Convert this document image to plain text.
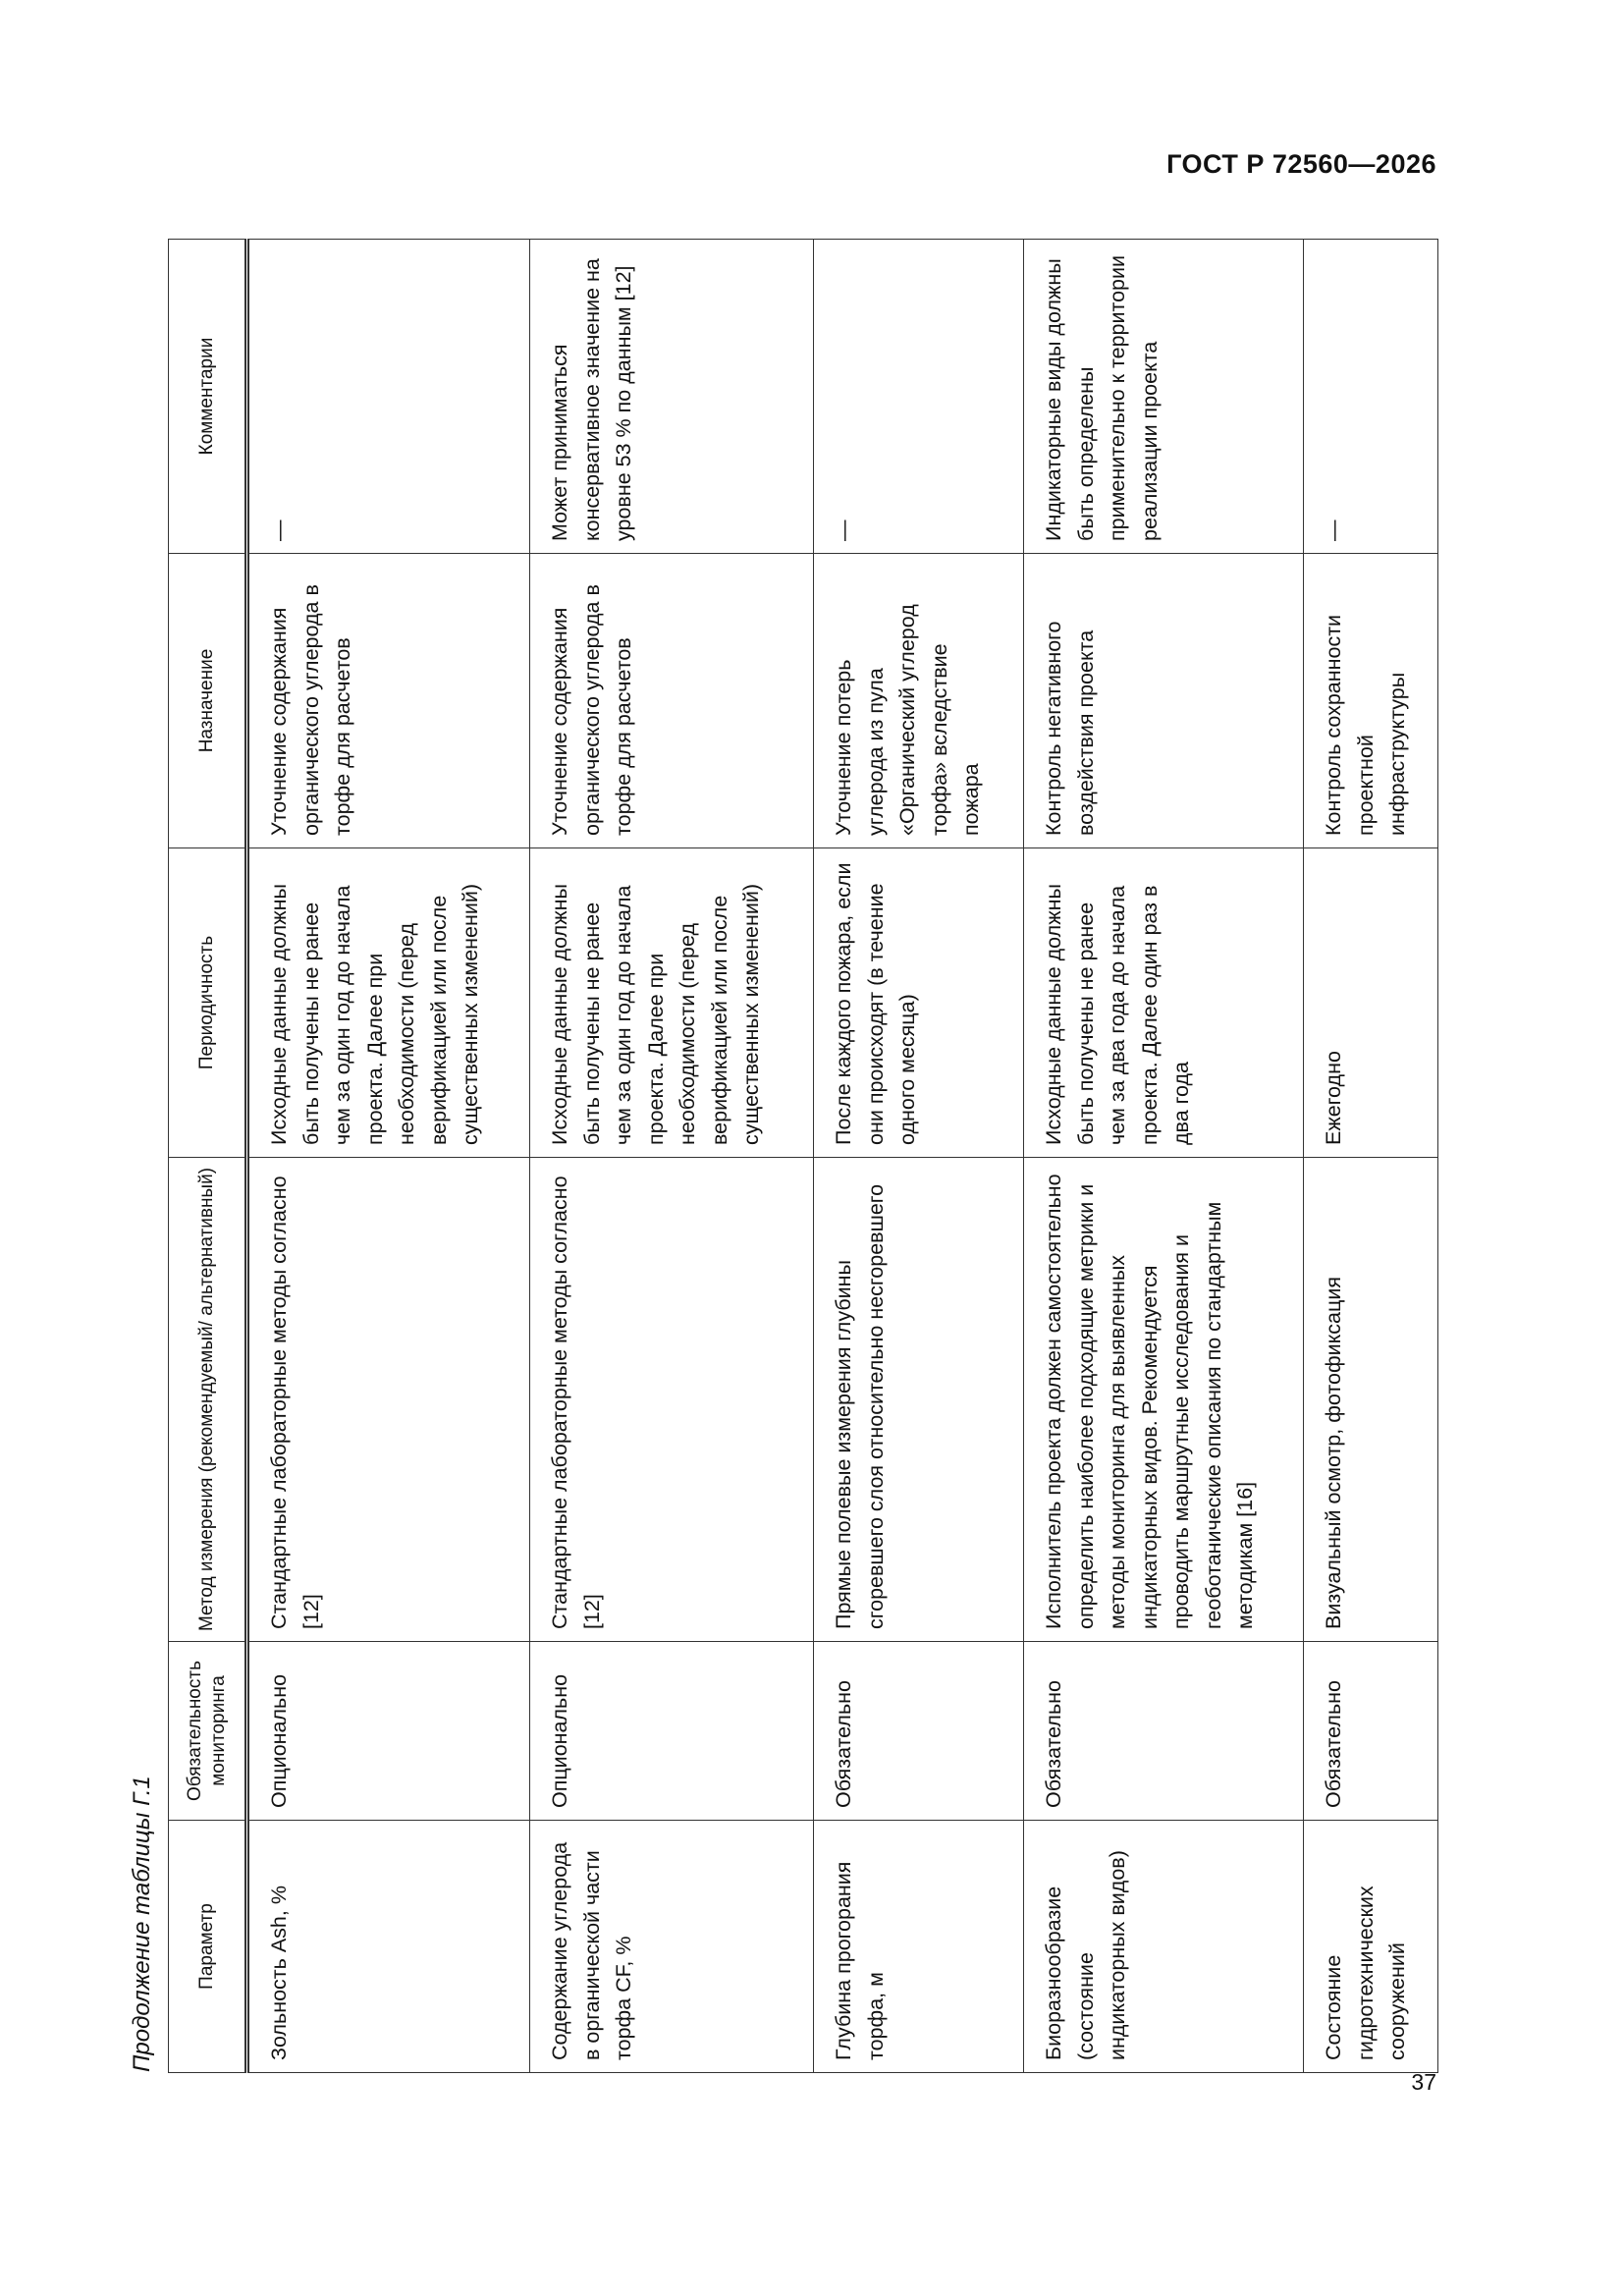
ГОСТ Р 72560—2026
Продолжение таблицы Г.1	Параметр	Обязательность мониторинга	Метод измерения (рекомендуемый/ альтернативный)	Периодичность	Назначение	Комментарии
Зольность Ash, %	Опционально	Стандартные лабораторные методы согласно [12]	Исходные данные должны быть получены не ранее чем за один год до начала проекта. Далее при необходимости (перед верификацией или после существенных изменений)	Уточнение содержания органического углерода в торфе для расчетов	—
Содержание углерода в органической части торфа CF, %	Опционально	Стандартные лабораторные методы согласно [12]	Исходные данные должны быть получены не ранее чем за один год до начала проекта. Далее при необходимости (перед верификацией или после существенных изменений)	Уточнение содержания органического углерода в торфе для расчетов	Может приниматься консервативное значение на уровне 53 % по данным [12]
Глубина прогорания торфа, м	Обязательно	Прямые полевые измерения глубины сгоревшего слоя относительно несгоревшего	После каждого пожара, если они происходят (в течение одного месяца)	Уточнение потерь углерода из пула «Органический углерод торфа» вследствие пожара	—
Биоразнообразие (состояние индикаторных видов)	Обязательно	Исполнитель проекта должен самостоятельно определить наиболее подходящие метрики и методы мониторинга для выявленных индикаторных видов. Рекомендуется проводить маршрутные исследования и геоботанические описания по стандартным методикам [16]	Исходные данные должны быть получены не ранее чем за два года до начала проекта. Далее один раз в два года	Контроль негативного воздействия проекта	Индикаторные виды должны быть определены применительно к территории реализации проекта
Состояние гидротехнических сооружений	Обязательно	Визуальный осмотр, фотофиксация	Ежегодно	Контроль сохранности проектной инфраструктуры	—
37
